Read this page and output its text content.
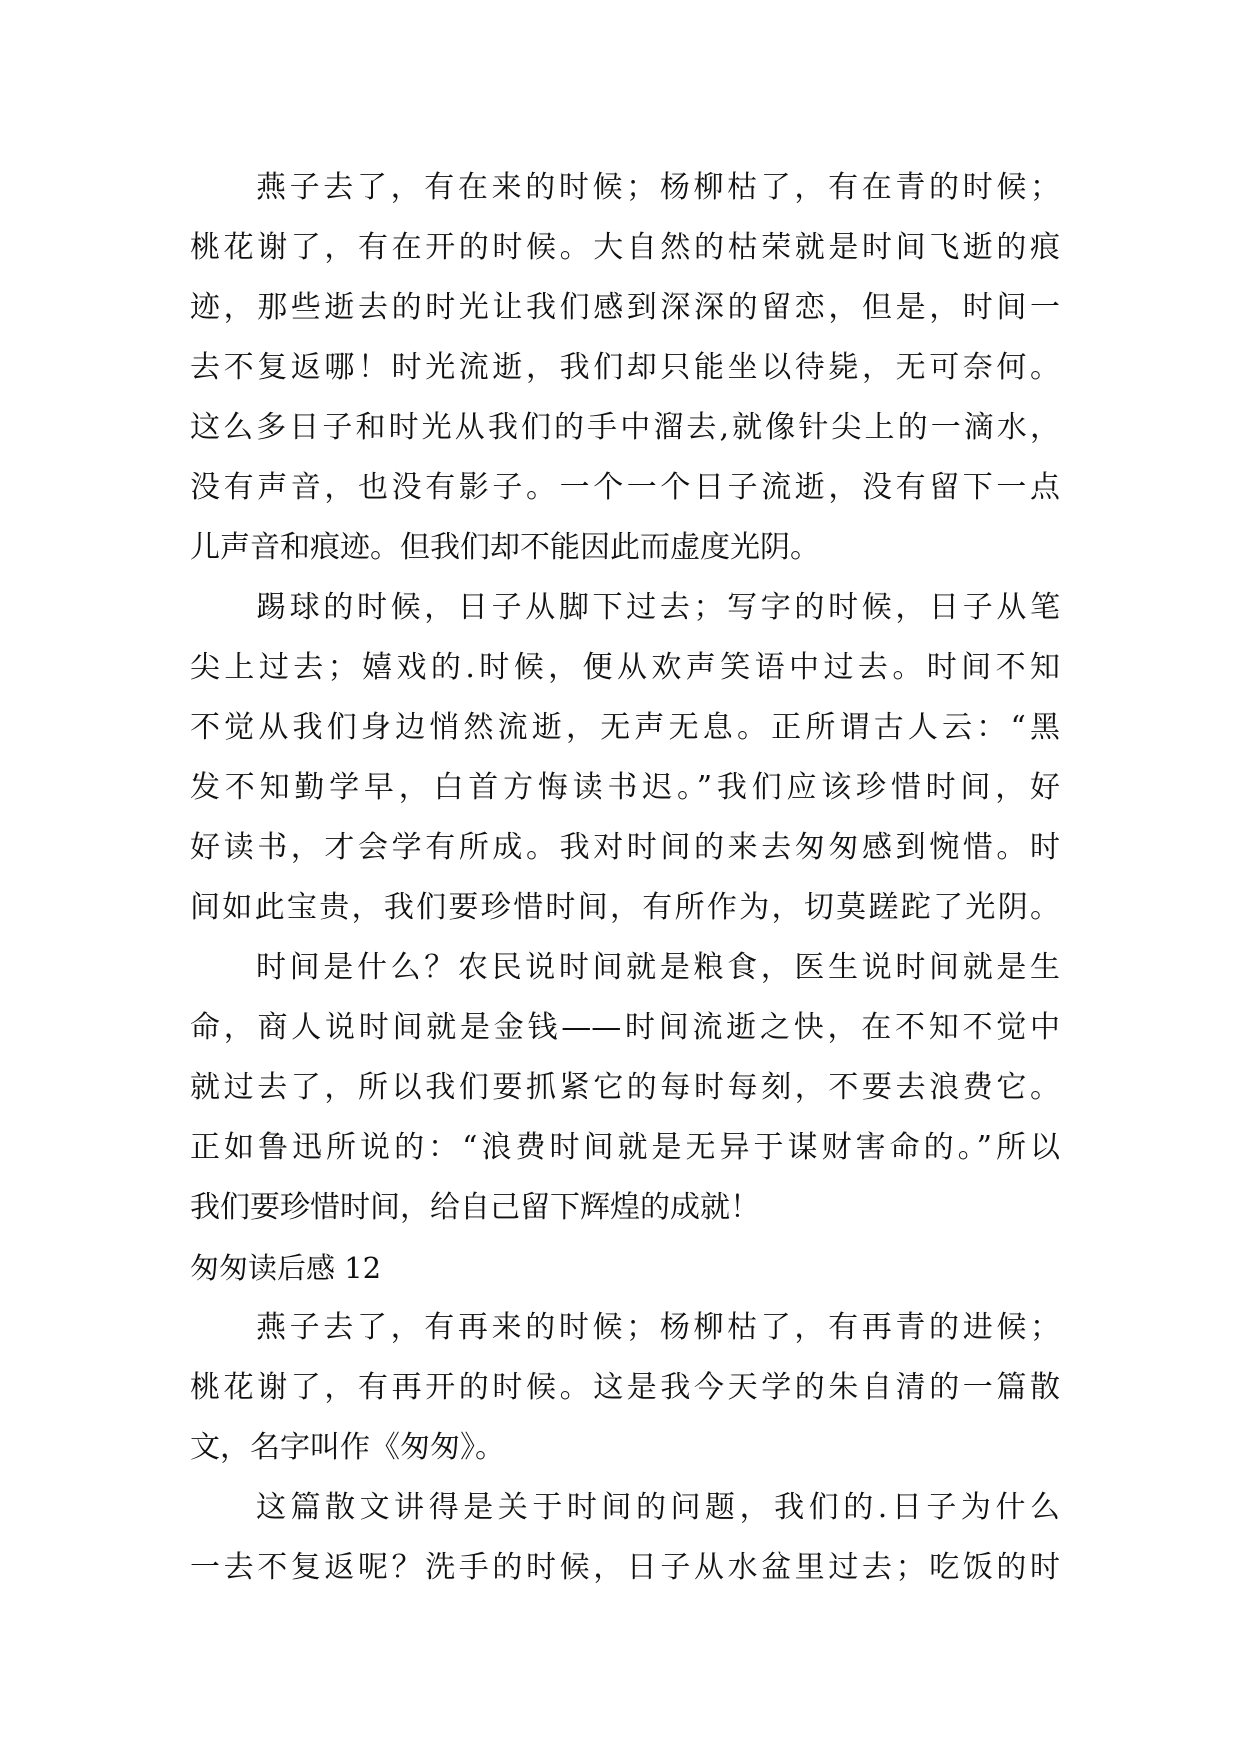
燕子去了，有在来的时候；杨柳枯了，有在青的时候；
桃花谢了，有在开的时候。大自然的枯荣就是时间飞逝的痕
迹，那些逝去的时光让我们感到深深的留恋，但是，时间一
去不复返哪！时光流逝，我们却只能坐以待毙，无可奈何。
这么多日子和时光从我们的手中溜去,就像针尖上的一滴水，
没有声音，也没有影子。一个一个日子流逝，没有留下一点
儿声音和痕迹。但我们却不能因此而虚度光阴。
踢球的时候，日子从脚下过去；写字的时候，日子从笔
尖上过去；嬉戏的.时候，便从欢声笑语中过去。时间不知
不觉从我们身边悄然流逝，无声无息。正所谓古人云：“黑
发不知勤学早，白首方悔读书迟。”我们应该珍惜时间，好
好读书，才会学有所成。我对时间的来去匆匆感到惋惜。时
间如此宝贵，我们要珍惜时间，有所作为，切莫蹉跎了光阴。
时间是什么？农民说时间就是粮食，医生说时间就是生
命，商人说时间就是金钱——时间流逝之快，在不知不觉中
就过去了，所以我们要抓紧它的每时每刻，不要去浪费它。
正如鲁迅所说的：“浪费时间就是无异于谋财害命的。”所以
我们要珍惜时间，给自己留下辉煌的成就！
匆匆读后感 12
燕子去了，有再来的时候；杨柳枯了，有再青的进候；
桃花谢了，有再开的时候。这是我今天学的朱自清的一篇散
文，名字叫作《匆匆》。
这篇散文讲得是关于时间的问题，我们的.日子为什么
一去不复返呢？洗手的时候，日子从水盆里过去；吃饭的时
